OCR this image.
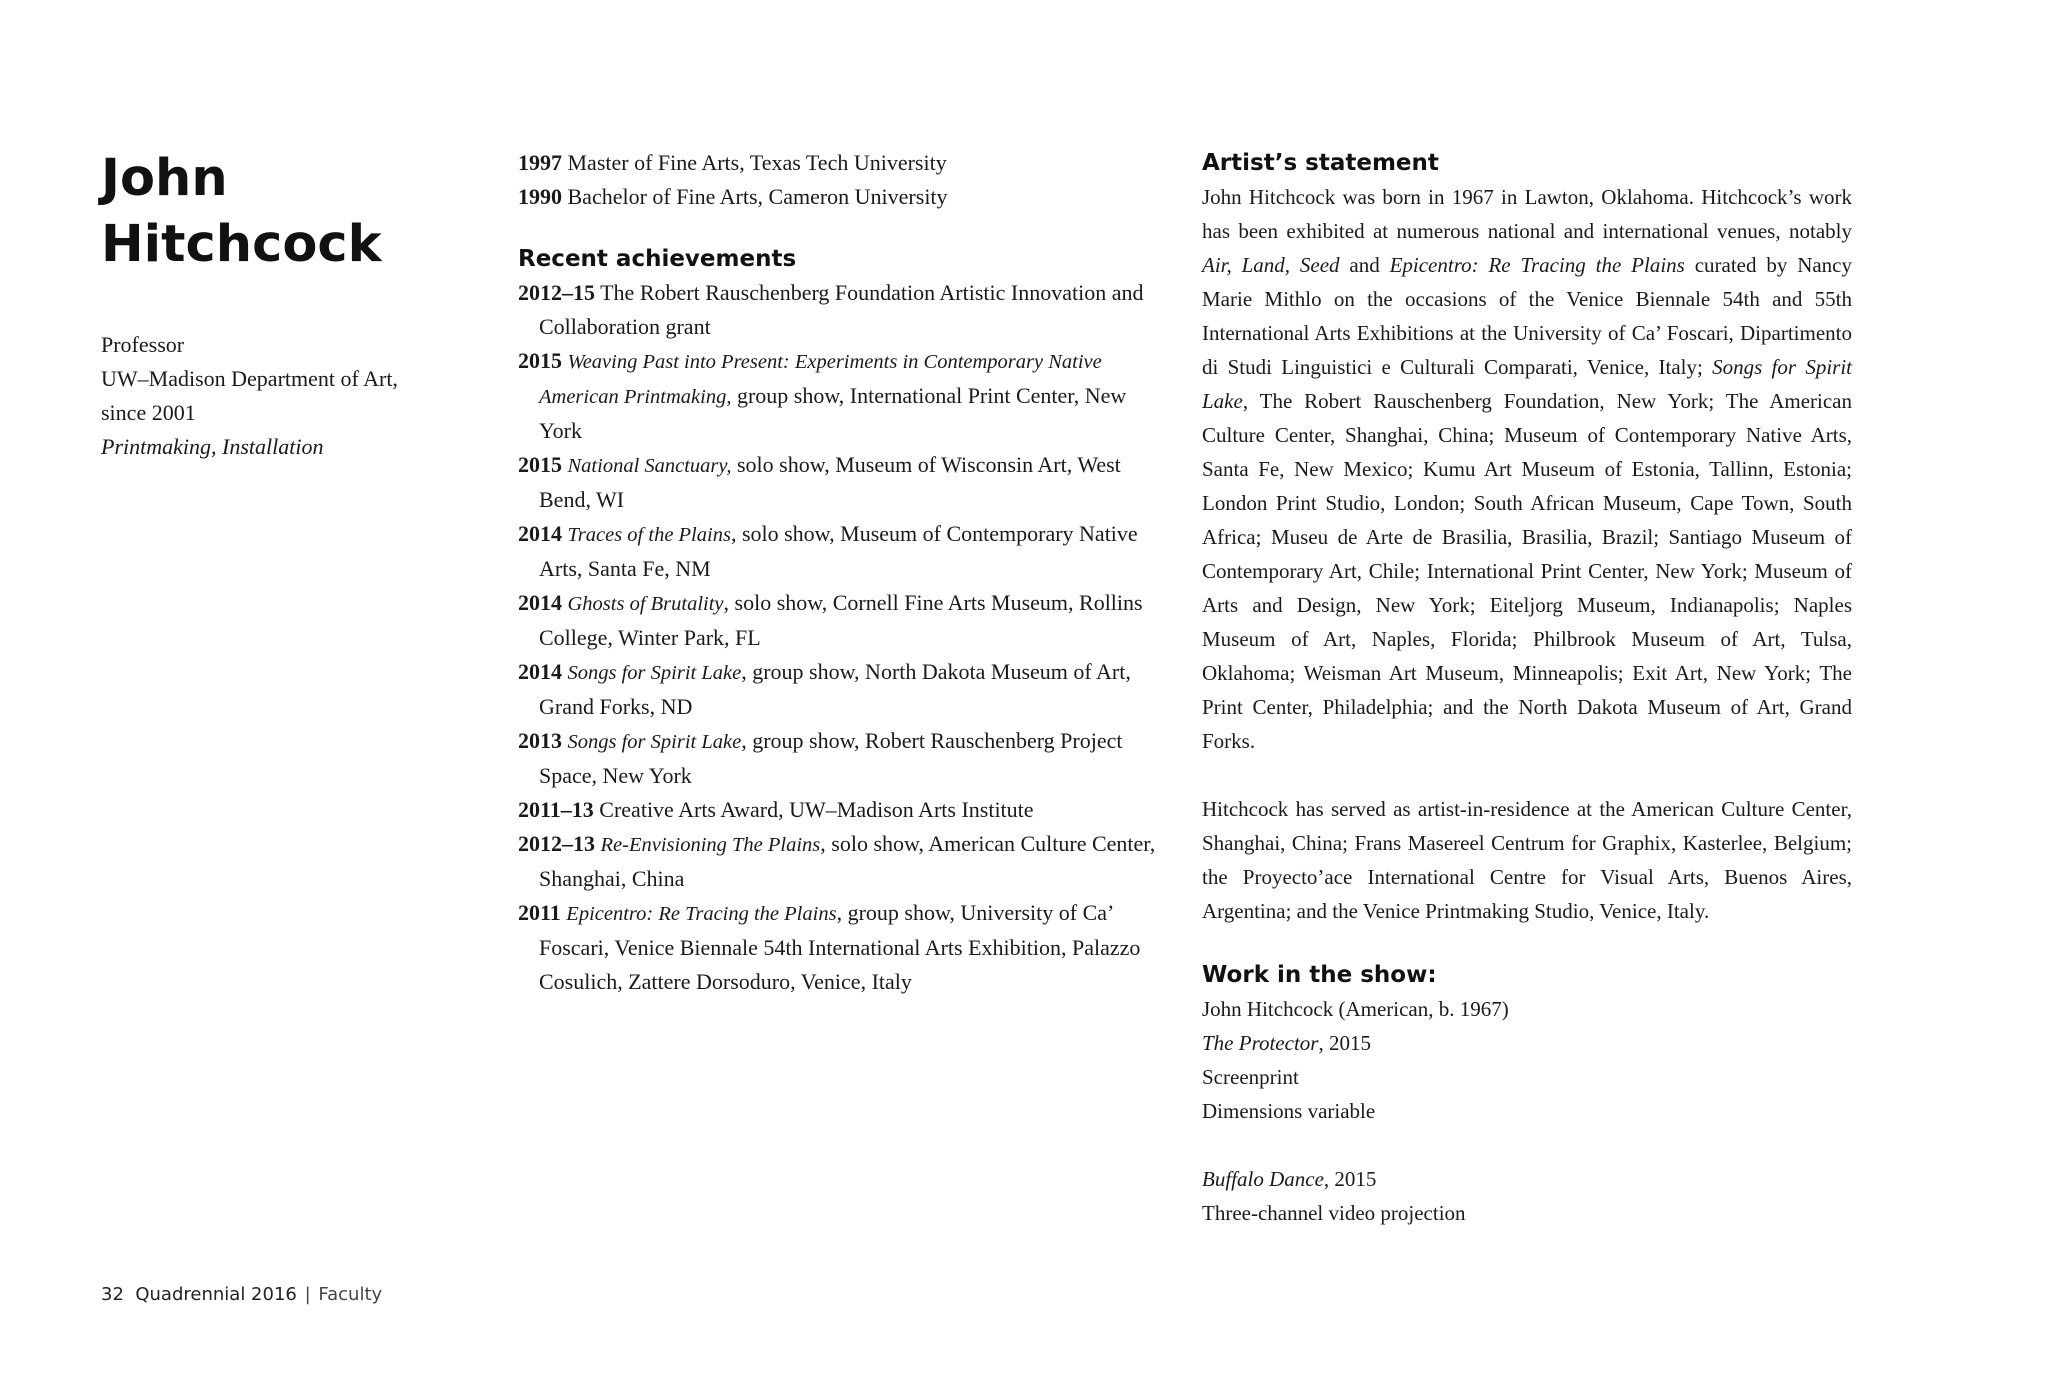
John
Hitchcock
Professor
UW–Madison Department of Art,
since 2001
Printmaking, Installation
1997 Master of Fine Arts, Texas Tech University
1990 Bachelor of Fine Arts, Cameron University
Recent achievements
2012–15 The Robert Rauschenberg Foundation Artistic Innovation and Collaboration grant
2015 Weaving Past into Present: Experiments in Contemporary Native American Printmaking, group show, International Print Center, New York
2015 National Sanctuary, solo show, Museum of Wisconsin Art, West Bend, WI
2014 Traces of the Plains, solo show, Museum of Contemporary Native Arts, Santa Fe, NM
2014 Ghosts of Brutality, solo show, Cornell Fine Arts Museum, Rollins College, Winter Park, FL
2014 Songs for Spirit Lake, group show, North Dakota Museum of Art, Grand Forks, ND
2013 Songs for Spirit Lake, group show, Robert Rauschenberg Project Space, New York
2011–13 Creative Arts Award, UW–Madison Arts Institute
2012–13 Re-Envisioning The Plains, solo show, American Culture Center, Shanghai, China
2011 Epicentro: Re Tracing the Plains, group show, University of Ca’ Foscari, Venice Biennale 54th International Arts Exhibition, Palazzo Cosulich, Zattere Dorsoduro, Venice, Italy
Artist’s statement

John Hitchcock was born in 1967 in Lawton, Oklahoma. Hitchcock’s work has been exhibited at numerous national and international venues, notably Air, Land, Seed and Epicentro: Re Tracing the Plains curated by Nancy Marie Mithlo on the occasions of the Venice Biennale 54th and 55th International Arts Exhibitions at the University of Ca’ Foscari, Dipartimento di Studi Linguistici e Culturali Comparati, Venice, Italy; Songs for Spirit Lake, The Robert Rauschenberg Foundation, New York; The American Culture Center, Shanghai, China; Museum of Contemporary Native Arts, Santa Fe, New Mexico; Kumu Art Museum of Estonia, Tallinn, Estonia; London Print Studio, London; South African Museum, Cape Town, South Africa; Museu de Arte de Brasilia, Brasilia, Brazil; Santiago Museum of Contemporary Art, Chile; International Print Center, New York; Museum of Arts and Design, New York; Eiteljorg Museum, Indianapolis; Naples Museum of Art, Naples, Florida; Philbrook Museum of Art, Tulsa, Oklahoma; Weisman Art Museum, Minneapolis; Exit Art, New York; The Print Center, Philadelphia; and the North Dakota Museum of Art, Grand Forks.

Hitchcock has served as artist-in-residence at the American Culture Center, Shanghai, China; Frans Masereel Centrum for Graphix, Kasterlee, Belgium; the Proyecto’ace International Centre for Visual Arts, Buenos Aires, Argentina; and the Venice Printmaking Studio, Venice, Italy.

Work in the show:
John Hitchcock (American, b. 1967)
The Protector, 2015
Screenprint
Dimensions variable
Buffalo Dance, 2015
Three-channel video projection
32 Quadrennial 2016 | Faculty
